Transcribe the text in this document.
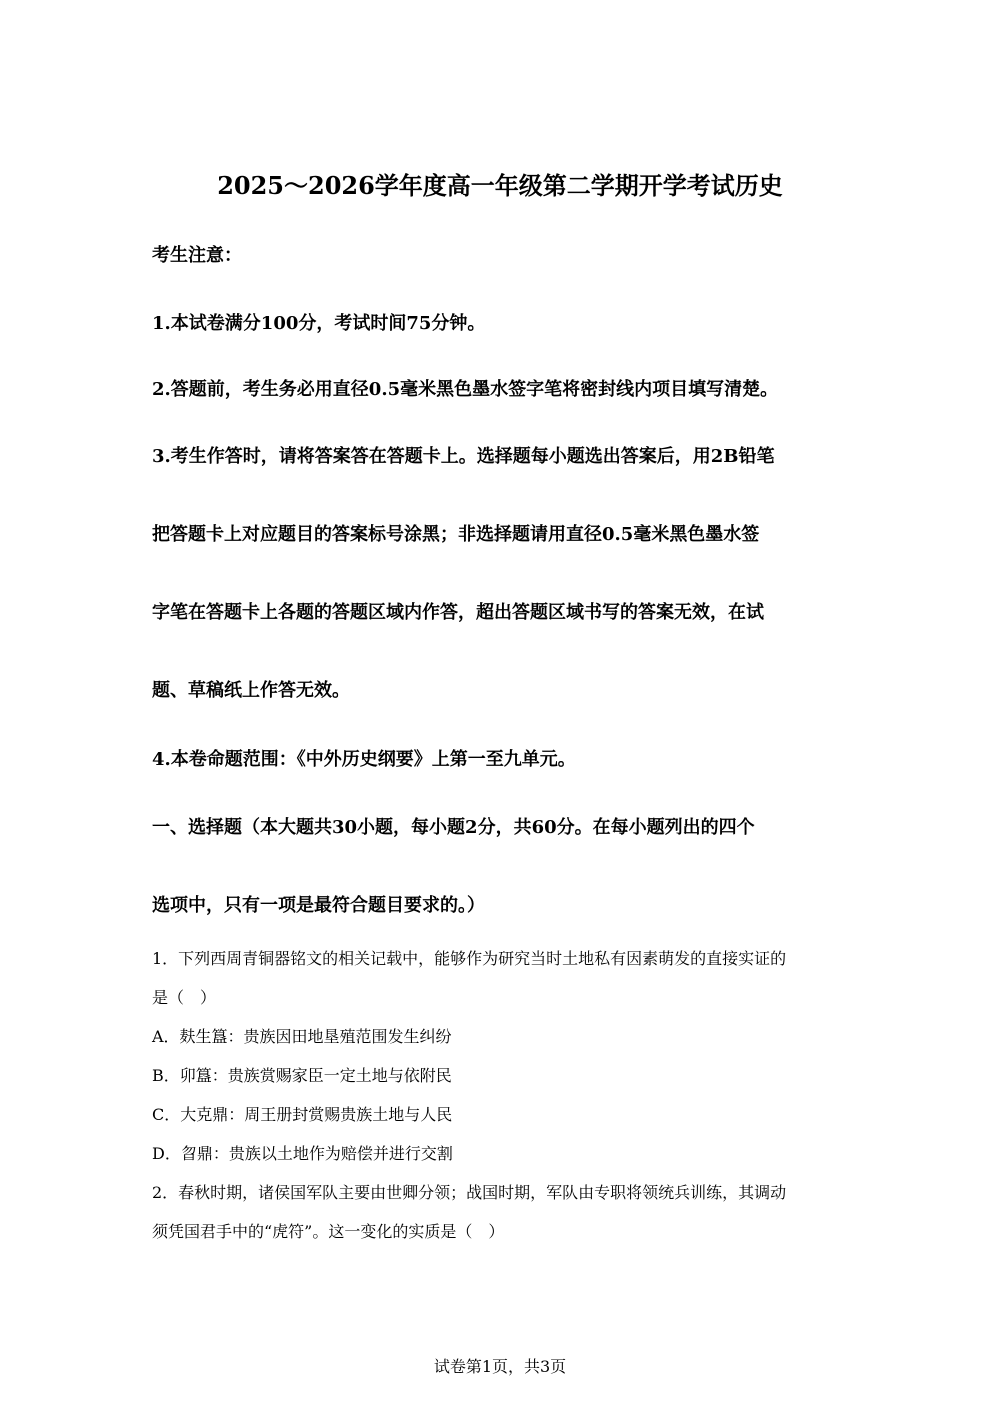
2025～2026学年度高一年级第二学期开学考试历史
考生注意：
1.本试卷满分100分，考试时间75分钟。
2.答题前，考生务必用直径0.5毫米黑色墨水签字笔将密封线内项目填写清楚。
3.考生作答时，请将答案答在答题卡上。选择题每小题选出答案后，用2B铅笔
把答题卡上对应题目的答案标号涂黑；非选择题请用直径0.5毫米黑色墨水签
字笔在答题卡上各题的答题区域内作答，超出答题区域书写的答案无效，在试
题、草稿纸上作答无效。
4.本卷命题范围：《中外历史纲要》上第一至九单元。
一、选择题（本大题共30小题，每小题2分，共60分。在每小题列出的四个
选项中，只有一项是最符合题目要求的。）
1．下列西周青铜器铭文的相关记载中，能够作为研究当时土地私有因素萌发的直接实证的
是（　）
A．麸生簋：贵族因田地垦殖范围发生纠纷
B．卯簋：贵族赏赐家臣一定土地与依附民
C．大克鼎：周王册封赏赐贵族土地与人民
D．曶鼎：贵族以土地作为赔偿并进行交割
2．春秋时期，诸侯国军队主要由世卿分领；战国时期，军队由专职将领统兵训练，其调动
须凭国君手中的“虎符”。这一变化的实质是（　）
试卷第1页，共3页
